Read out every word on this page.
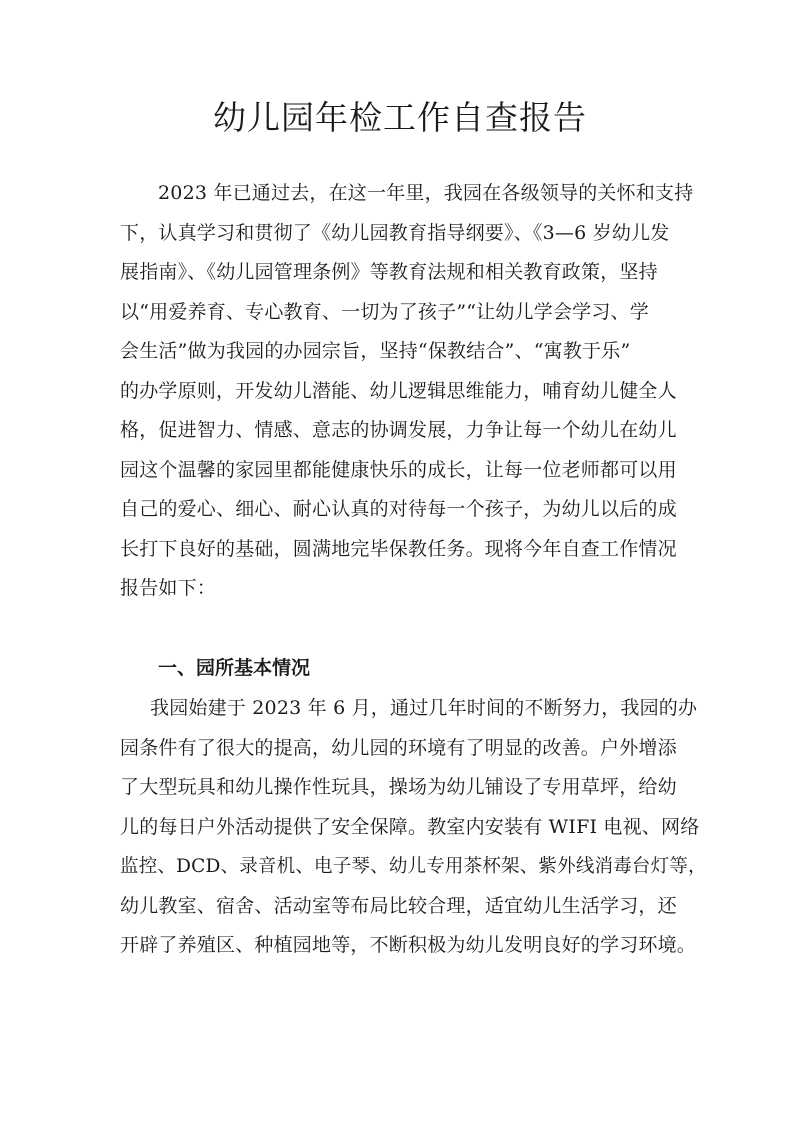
幼儿园年检工作自查报告
2023 年已通过去，在这一年里，我园在各级领导的关怀和支持
下，认真学习和贯彻了《幼儿园教育指导纲要》、《3—6 岁幼儿发
展指南》、《幼儿园管理条例》等教育法规和相关教育政策，坚持
以“用爱养育、专心教育、一切为了孩子”“让幼儿学会学习、学
会生活”做为我园的办园宗旨，坚持“保教结合”、“寓教于乐”
的办学原则，开发幼儿潜能、幼儿逻辑思维能力，哺育幼儿健全人
格，促进智力、情感、意志的协调发展，力争让每一个幼儿在幼儿
园这个温馨的家园里都能健康快乐的成长，让每一位老师都可以用
自己的爱心、细心、耐心认真的对待每一个孩子，为幼儿以后的成
长打下良好的基础，圆满地完毕保教任务。现将今年自查工作情况
报告如下：
一、园所基本情况
我园始建于 2023 年 6 月，通过几年时间的不断努力，我园的办
园条件有了很大的提高，幼儿园的环境有了明显的改善。户外增添
了大型玩具和幼儿操作性玩具，操场为幼儿铺设了专用草坪，给幼
儿的每日户外活动提供了安全保障。教室内安装有 WIFI 电视、网络
监控、DCD、录音机、电子琴、幼儿专用茶杯架、紫外线消毒台灯等，
幼儿教室、宿舍、活动室等布局比较合理，适宜幼儿生活学习，还
开辟了养殖区、种植园地等，不断积极为幼儿发明良好的学习环境。
